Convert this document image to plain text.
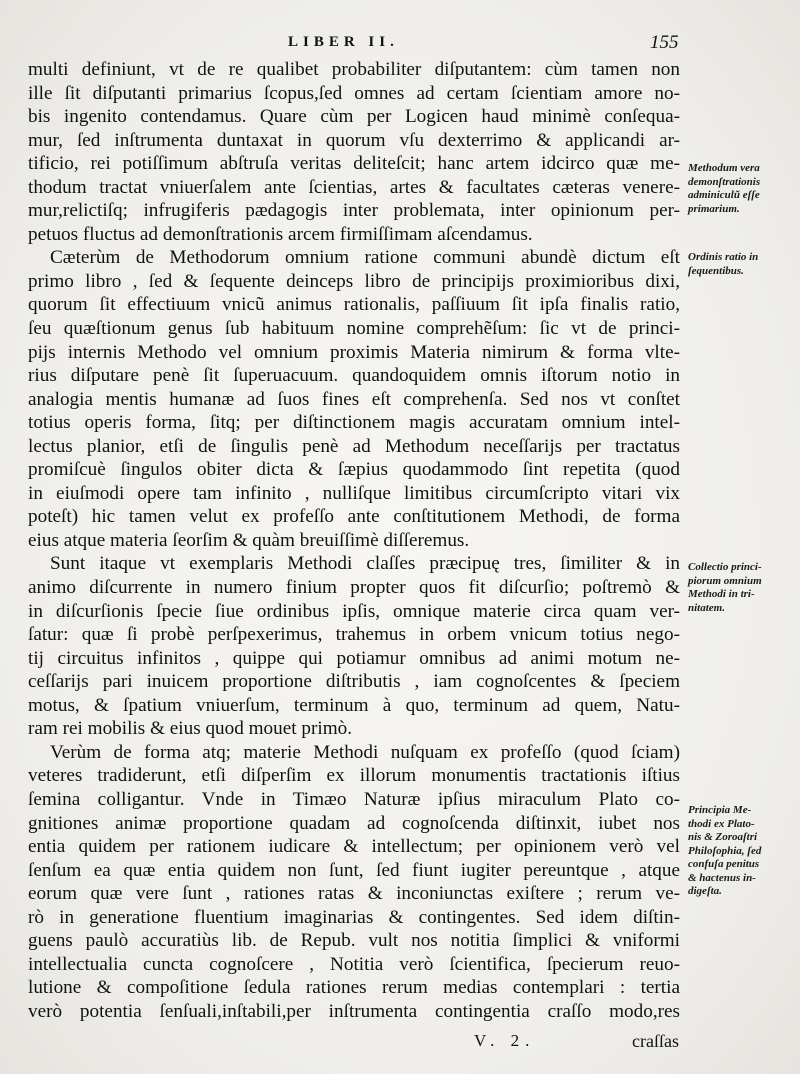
LIBER II.	155
multi definiunt, vt de re qualibet probabiliter diſputantem: cùm tamen non
ille ſit diſputanti primarius ſcopus,ſed omnes ad certam ſcientiam amore no-
bis ingenito contendamus. Quare cùm per Logicen haud minimè conſequa-
mur, ſed inſtrumenta duntaxat in quorum vſu dexterrimo & applicandi ar-
tificio, rei potiſſimum abſtruſa veritas deliteſcit; hanc artem idcirco quæ me-
thodum tractat vniuerſalem ante ſcientias, artes & facultates cæteras venere-
mur,relictiſq; infrugiferis pædagogis inter problemata, inter opinionum per-
petuos fluctus ad demonſtrationis arcem firmiſſimam aſcendamus.
Cæterùm de Methodorum omnium ratione communi abundè dictum eſt
primo libro , ſed & ſequente deinceps libro de principijs proximioribus dixi,
quorum ſit effectiuum vnicũ animus rationalis, paſſiuum ſit ipſa finalis ratio,
ſeu quæſtionum genus ſub habituum nomine comprehẽſum: ſic vt de princi-
pijs internis Methodo vel omnium proximis Materia nimirum & forma vlte-
rius diſputare penè ſit ſuperuacuum. quandoquidem omnis iſtorum notio in
analogia mentis humanæ ad ſuos fines eſt comprehenſa. Sed nos vt conſtet
totius operis forma, ſitq; per diſtinctionem magis accuratam omnium intel-
lectus planior, etſi de ſingulis penè ad Methodum neceſſarijs per tractatus
promiſcuè ſingulos obiter dicta & ſæpius quodammodo ſint repetita (quod
in eiuſmodi opere tam infinito , nulliſque limitibus circumſcripto vitari vix
poteſt) hic tamen velut ex profeſſo ante conſtitutionem Methodi, de forma
eius atque materia ſeorſim & quàm breuiſſimè diſſeremus.
Sunt itaque vt exemplaris Methodi claſſes præcipuę tres, ſimiliter & in
animo diſcurrente in numero finium propter quos fit diſcurſio; poſtremò &
in diſcurſionis ſpecie ſiue ordinibus ipſis, omnique materie circa quam ver-
ſatur: quæ ſi probè perſpexerimus, trahemus in orbem vnicum totius nego-
tij circuitus infinitos , quippe qui potiamur omnibus ad animi motum ne-
ceſſarijs pari inuicem proportione diſtributis , iam cognoſcentes & ſpeciem
motus, & ſpatium vniuerſum, terminum à quo, terminum ad quem, Natu-
ram rei mobilis & eius quod mouet primò.
Verùm de forma atq; materie Methodi nuſquam ex profeſſo (quod ſciam)
veteres tradiderunt, etſi diſperſim ex illorum monumentis tractationis iſtius
ſemina colligantur. Vnde in Timæo Naturæ ipſius miraculum Plato co-
gnitiones animæ proportione quadam ad cognoſcenda diſtinxit, iubet nos
entia quidem per rationem iudicare & intellectum; per opinionem verò vel
ſenſum ea quæ entia quidem non ſunt, ſed fiunt iugiter pereuntque , atque
eorum quæ vere ſunt , rationes ratas & inconiunctas exiſtere ; rerum ve-
rò in generatione fluentium imaginarias & contingentes. Sed idem diſtin-
guens paulò accuratiùs lib. de Repub. vult nos notitia ſimplici & vniformi
intellectualia cuncta cognoſcere , Notitia verò ſcientifica, ſpecierum reuo-
lutione & compoſitione ſedula rationes rerum medias contemplari : tertia
verò potentia ſenſuali,inſtabili,per inſtrumenta contingentia craſſo modo,res
Methodum vera
demonſtrationis
adminiculũ eſſe
primarium.
Ordinis ratio in
ſequentibus.
Collectio princi-
piorum omnium
Methodi in tri-
nitatem.
Principia Me-
thodi ex Plato-
nis & Zoroaſtri
Philoſophia, ſed
confuſa penitus
& hactenus in-
digeſta.
V. 2.	craſſas
